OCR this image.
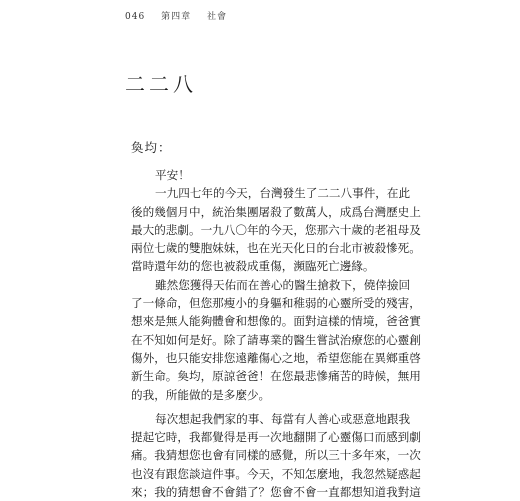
046 第四章 社會
二二八

奐均：

平安！

一九四七年的今天，台灣發生了二二八事件，在此
後的幾個月中，統治集團屠殺了數萬人，成爲台灣歷史上
最大的悲劇。一九八〇年的今天，您那六十歲的老祖母及
兩位七歲的雙胞妹妹，也在光天化日的台北市被殺慘死。
當時還年幼的您也被殺成重傷，瀕臨死亡邊緣。

雖然您獲得天佑而在善心的醫生搶救下，僥倖撿回
了一條命，但您那瘦小的身軀和稚弱的心靈所受的殘害，
想來是無人能夠體會和想像的。面對這樣的情境，爸爸實
在不知如何是好。除了請專業的醫生嘗試治療您的心靈創
傷外，也只能安排您遠離傷心之地，希望您能在異鄉重啓
新生命。奐均，原諒爸爸！在您最悲慘痛苦的時候，無用
的我，所能做的是多麼少。

每次想起我們家的事、每當有人善心或惡意地跟我
提起它時，我都覺得是再一次地翻開了心靈傷口而感到劇
痛。我猜想您也會有同樣的感覺，所以三十多年來，一次
也沒有跟您談這件事。今天，不知怎麼地，我忽然疑惑起
來；我的猜想會不會錯了？您會不會一直都想知道我對這
